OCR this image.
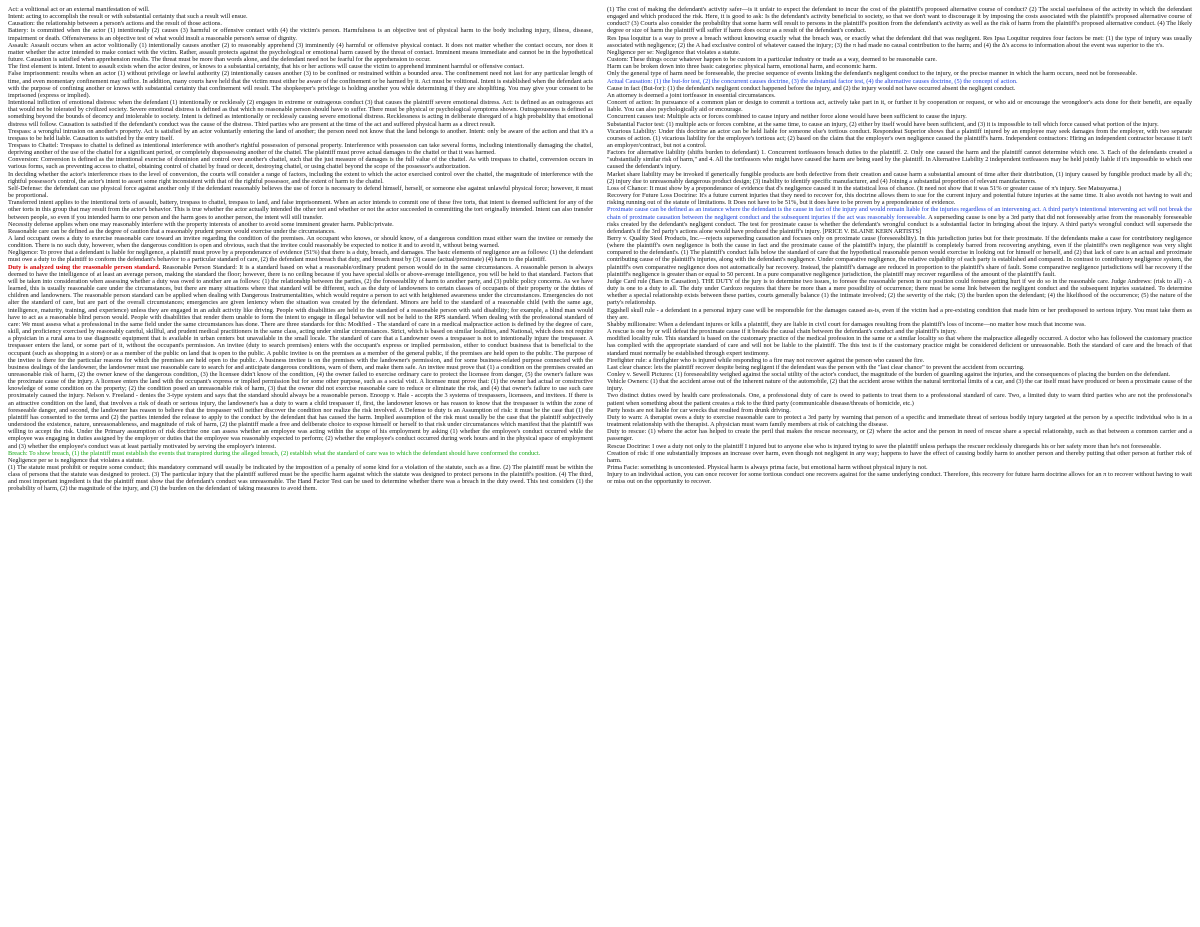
Act: a volitional act or an external manifestation of will.

Intent: acting to accomplish the result or with substantial certainty that such a result will ensue.

Causation: the relationship between a person's actions and the result of those actions.

Battery: is committed when the actor (1) intentionally (2) causes (3) harmful or offensive contact with (4) the victim's person. Harmfulness is an objective test of physical harm to the body including injury, illness, disease, impairment or death. Offensiveness is an objective test of what would insult a reasonable person's sense of dignity.

Assault: Assault occurs when an actor volitionally (1) intentionally causes another (2) to reasonably apprehend (3) imminently (4) harmful or offensive physical contact. It does not matter whether the contact occurs, nor does it matter whether the actor intended to make contact with the victim. Rather, assault protects against the psychological or emotional harm caused by the threat of contact. Imminent means immediate and cannot be in the hypothetical future. Causation is satisfied when apprehension results. The threat must be more than words alone, and the defendant need not be fearful for the apprehension to occur.

The first element is intent. Intent to assault exists when the actor desires, or knows to a substantial certainty, that his or her actions will cause the victim to apprehend imminent harmful or offensive contact.

False imprisonment: results when an actor (1) without privilege or lawful authority (2) intentionally causes another (3) to be confined or restrained within a bounded area. The confinement need not last for any particular length of time, and even momentary confinement may suffice. In addition, many courts have held that the victim must either be aware of the confinement or be harmed by it. Act must be volitional. Intent is established when the defendant acts with the purpose of confining another or knows with substantial certainty that confinement will result. The shopkeeper's privilege is holding another you while determining if they are shoplifting. You may give your consent to be imprisoned (express or implied).

Intentional infliction of emotional distress: when the defendant (1) intentionally or recklessly (2) engages in extreme or outrageous conduct (3) that causes the plaintiff severe emotional distress. Act: is defined as an outrageous act that would not be tolerated by civilized society. Severe emotional distress is defined as that which no reasonable person should have to suffer. There must be physical or psychological symptoms shown. Outrageousness is defined as something beyond the bounds of decency and intolerable to society. Intent is defined as intentionally or recklessly causing severe emotional distress. Recklessness is acting in deliberate disregard of a high probability that emotional distress will follow. Causation is satisfied if the defendant's conduct was the cause of the distress. Third parties who are present at the time of the act and suffered physical harm as a direct result.

Trespass: a wrongful intrusion on another's property. Act is satisfied by an actor voluntarily entering the land of another; the person need not know that the land belongs to another. Intent: only be aware of the action and that it's a trespass to be held liable. Causation is satisfied by the entry itself.

Trespass to Chattel: Trespass to chattel is defined as intentional interference with another's rightful possession of personal property. Interference with possession can take several forms, including intentionally damaging the chattel, depriving another of the use of the chattel for a significant period, or completely dispossessing another of the chattel. The plaintiff must prove actual damages to the chattel or that it was harmed.

Conversion: Conversion is defined as the intentional exercise of dominion and control over another's chattel, such that the just measure of damages is the full value of the chattel. As with trespass to chattel, conversion occurs in various forms, such as preventing access to chattel, obtaining control of chattel by fraud or deceit, destroying chattel, or using chattel beyond the scope of the possessor's authorization.

In deciding whether the actor's interference rises to the level of conversion, the courts will consider a range of factors, including the extent to which the actor exercised control over the chattel, the magnitude of interference with the rightful possessor's control, the actor's intent to assert some right inconsistent with that of the rightful possessor, and the extent of harm to the chattel.

Self-Defense: the defendant can use physical force against another only if the defendant reasonably believes the use of force is necessary to defend himself, herself, or someone else against unlawful physical force; however, it must be proportional.

Transferred intent applies to the intentional torts of assault, battery, trespass to chattel, trespass to land, and false imprisonment. When an actor intends to commit one of these five torts, that intent is deemed sufficient for any of the other torts in this group that may result from the actor's behavior. This is true whether the actor actually intended the other tort and whether or not the actor succeeded in committing the tort originally intended. Intent can also transfer between people, so even if you intended harm to one person and the harm goes to another person, the intent will still transfer.

Necessity defense applies when one may reasonably interfere with the property interests of another to avoid some imminent greater harm. Public/private.

Reasonable care can be defined as the degree of caution that a reasonably prudent person would exercise under the circumstances.

A land occupant owes a duty to exercise reasonable care toward an invitee regarding the condition of the premises. An occupant who knows, or should know, of a dangerous condition must either warn the invitee or remedy the condition. There is no such duty, however, when the dangerous condition is open and obvious, such that the invitee could reasonably be expected to notice it and to avoid it, without being warned.

Negligence: To prove that a defendant is liable for negligence, a plaintiff must prove by a preponderance of evidence (51%) that there is a duty, breach, and damages. The basic elements of negligence are as follows: (1) the defendant must owe a duty to the plaintiff to conform the defendant's behavior to a particular standard of care, (2) the defendant must breach that duty, and breach must by (3) cause (actual/proximate) (4) harm to the plaintiff.

Duty is analyzed using the reasonable person standard. Reasonable Person Standard: It is a standard based on what a reasonable/ordinary prudent person would do in the same circumstances. A reasonable person is always deemed to have the intelligence of at least an average person, making the standard the floor; however, there is no ceiling because if you have special skills or above-average intelligence, you will be held to that standard. Factors that will be taken into consideration when assessing whether a duty was owed to another are as follows: (1) the relationship between the parties, (2) the foreseeability of harm to another party, and (3) public policy concerns. As we have learned, this is usually reasonable care under the circumstances, but there are many situations where that standard will be different, such as the duty of landowners to certain classes of occupants of their property or the duties of children and landowners. The reasonable person standard can be applied when dealing with Dangerous Instrumentalities, which would require a person to act with heightened awareness under the circumstances. Emergencies do not alter the standard of care, but are part of the overall circumstances; emergencies are given leniency when the situation was created by the defendant. Minors are held to the standard of a reasonable child (with the same age, intelligence, maturity, training, and experience) unless they are engaged in an adult activity like driving. People with disabilities are held to the standard of a reasonable person with said disability; for example, a blind man would have to act as a reasonable blind person would. People with disabilities that render them unable to form the intent to engage in illegal behavior will not be held to the RPS standard. When dealing with the professional standard of care: We must assess what a professional in the same field under the same circumstances has done. There are three standards for this: Modified - The standard of care in a medical malpractice action is defined by the degree of care, skill, and proficiency exercised by reasonably careful, skillful, and prudent medical practitioners in the same class, acting under similar circumstances. Strict, which is based on similar localities, and National, which does not require a physician in a rural area to use diagnostic equipment that is available in urban centers but unavailable in the small locale. The standard of care that a Landowner owes a trespasser is not to intentionally injure the trespasser. A trespasser enters the land, or some part of it, without the occupant's permission. An invitee (duty to search premises) enters with the occupant's express or implied permission, either to conduct business that is beneficial to the occupant (such as shopping in a store) or as a member of the public on land that is open to the public. A public invitee is on the premises as a member of the general public, if the premises are held open to the public. The purpose of the invitee is there for the particular reasons for which the premises are held open to the public. A business invitee is on the premises with the landowner's permission, and for some business-related purpose connected with the business dealings of the landowner, the landowner must use reasonable care to search for and anticipate dangerous conditions, warn of them, and make them safe. An invitee must prove that (1) a condition on the premises created an unreasonable risk of harm, (2) the owner knew of the dangerous condition, (3) the licensee didn't know of the condition, (4) the owner failed to exercise ordinary care to protect the licensee from danger, (5) the owner's failure was the proximate cause of the injury. A licensee enters the land with the occupant's express or implied permission but for some other purpose, such as a social visit. A licensee must prove that: (1) the owner had actual or constructive knowledge of some condition on the property; (2) the condition posed an unreasonable risk of harm, (3) that the owner did not exercise reasonable care to reduce or eliminate the risk, and (4) that owner's failure to use such care proximately caused the injury. Nelson v. Freeland - denies the 3-type system and says that the standard should always be a reasonable person. Enoopp v. Hale - accepts the 3 systems of trespassers, licensees, and invitees. If there is an attractive condition on the land, that involves a risk of death or serious injury, the landowner's has a duty to warn a child trespasser if, first, the landowner knows or has reason to know that the trespasser is within the zone of foreseeable danger, and second, the landowner has reason to believe that the trespasser will neither discover the condition nor realize the risk involved. A Defense to duty is an Assumption of risk: it must be the case that (1) the plaintiff has consented to the terms and (2) the parties intended the release to apply to the conduct by the defendant that has caused the harm. Implied assumption of the risk must usually be the case that the plaintiff subjectively understood the existence, nature, unreasonableness, and magnitude of risk of harm, (2) the plaintiff made a free and deliberate choice to expose himself or herself to that risk under circumstances which manifest that the plaintiff was willing to accept the risk. Under the Primary assumption of risk doctrine one can assess whether an employee was acting within the scope of his employment by asking (1) whether the employee's conduct occurred while the employee was engaging in duties assigned by the employer or duties that the employee was reasonably expected to perform; (2) whether the employee's conduct occurred during work hours and in the physical space of employment and (3) whether the employee's conduct was at least partially motivated by serving the employer's interest.

Breach: To show breach, (1) the plaintiff must establish the events that transpired during the alleged breach, (2) establish what the standard of care was to which the defendant should have conformed the conduct.

Negligence per se is negligence that violates a statute.

(1) The statute must prohibit or require some conduct; this mandatory command will usually be indicated by the imposition of a penalty of some kind for a violation of the statute, such as a fine. (2) The plaintiff must be within the class of persons that the statute was designed to protect. (3) The particular injury that the plaintiff suffered must be the specific harm against which the statute was designed to protect persons in the plaintiff's position. (4) The third, and most important ingredient is that the plaintiff must show that the defendant's conduct was unreasonable. The Hand Factor Test can be used to determine whether there was a breach in the duty owed. This test considers (1) the probability of harm, (2) the magnitude of the injury, and (3) the burden on the defendant of taking measures to avoid them.

(1) The cost of making the defendant's activity safer—is it unfair to expect the defendant to incur the cost of the plaintiff's proposed alternative course of conduct? (2) The social usefulness of the activity in which the defendant engaged and which produced the risk. Here, it is good to ask: Is the defendant's activity beneficial to society, so that we don't want to discourage it by imposing the costs associated with the plaintiff's proposed alternative course of conduct? (3) Courts also consider the probability that some harm will result to persons in the plaintiff's position from the defendant's activity as well as the risk of harm from the plaintiff's proposed alternative conduct. (4) The likely degree or size of harm the plaintiff will suffer if harm does occur as a result of the defendant's conduct.

Res Ipsa loquitur is a way to prove a breach without knowing exactly what the breach was, or exactly what the defendant did that was negligent. Res Ipsa Loquitur requires four factors be met: (1) the type of injury was usually associated with negligence; (2) the A had exclusive control of whatever caused the injury; (3) the π had made no causal contribution to the harm; and (4) the ∆'s access to information about the event was superior to the π's.

Negligence per se: Negligence that violates a statute.

Custom: These things occur whatever happen to be custom in a particular industry or trade as a way, deemed to be reasonable care.

Harm can be broken down into three basic categories: physical harm, emotional harm, and economic harm.

Only the general type of harm need be foreseeable, the precise sequence of events linking the defendant's negligent conduct to the injury, or the precise manner in which the harm occurs, need not be foreseeable.

Actual Causation: (1) the but-for test, (2) the concurrent causes doctrine, (3) the substantial factor test, (4) the alternative causes doctrine, (5) the concept of action.

Cause in fact (But-for): (1) the defendant's negligent conduct happened before the injury, and (2) the injury would not have occurred absent the negligent conduct.

An attorney is deemed a joint tortfeasor in essential circumstances.

Concert of action: In pursuance of a common plan or design to commit a tortious act, actively take part in it, or further it by cooperation or request, or who aid or encourage the wrongdoer's acts done for their benefit, are equally liable. You can also psychologically aid or encourage.

Concurrent causes test: Multiple acts or forces combined to cause injury and neither force alone would have been sufficient to cause the injury.

Substantial Factor test: (1) multiple acts or forces combine, at the same time, to cause an injury, (2) either by itself would have been sufficient, and (3) it is impossible to tell which force caused what portion of the injury.

Vicarious Liability: Under this doctrine an actor can be held liable for someone else's tortious conduct. Respondeat Superior shows that a plaintiff injured by an employee may seek damages from the employer, with two separate courses of action. (1) vicarious liability for the employee's tortious act; (2) based on the claim that the employer's own negligence caused the plaintiff's harm. Independent contractors: Hiring an independent contractor because it isn't an employer/contract, but not a control.

Factors for alternative liability (shifts burden to defendant) 1. Concurrent tortfeasors breach duties to the plaintiff. 2. Only one caused the harm and the plaintiff cannot determine which one. 3. Each of the defendants created a "substantially similar risk of harm," and 4. All the tortfeasors who might have caused the harm are being sued by the plaintiff. In Alternative Liability 2 independent tortfeasors may be held jointly liable if it's impossible to which one caused the defendant's injury.

Market share liability may be invoked if generically fungible products are both defective from their creation and cause harm a substantial amount of time after their distribution, (1) injury caused by fungible product made by all d's; (2) injury due to unreasonably dangerous product design; (3) inability to identify specific manufacturer, and (4) Joining a substantial proportion of relevant manufacturers.

Loss of Chance: It must show by a preponderance of evidence that d's negligence caused it in the statistical loss of chance. (It need not show that it was 51% or greater cause of π's injury. See Matsuyama.)

Recovery for Future Loss Doctrine: It's a future current injuries that they need to recover for, this doctrine allows them to sue for the current injury and potential future injuries at the same time. It also avoids not having to wait and risking running out of the statute of limitations. It Does not have to be 51%, but it does have to be proven by a preponderance of evidence.

Proximate cause can be defined as an instance where the defendant is the cause in fact of the injury and would remain liable for the injuries regardless of an intervening act. A third party's intentional intervening act will not break the chain of proximate causation between the negligent conduct and the subsequent injuries if the act was reasonably foreseeable. A superseding cause is one by a 3rd party that did not foreseeably arise from the reasonably foreseeable risks created by the defendant's negligent conduct. The test for proximate cause is whether the defendant's wrongful conduct is a substantial factor in bringing about the injury. A third party's wrongful conduct will supersede the defendant's if the 3rd party's actions alone would have produced the plaintiff's injury. [PRICE V. BLAINE KERN ARTISTS]

Berry v. Quality Steel Products, Inc.—rejects superseding causation and focuses only on proximate cause (foreseeability). In this jurisdiction juries but for their proximate. If the defendants make a case for contributory negligence (where the plaintiff's own negligence is both the cause in fact and the proximate cause of the plaintiff's injury, the plaintiff is completely barred from recovering anything, even if the plaintiff's own negligence was very slight compared to the defendant's. (1) The plaintiff's conduct falls below the standard of care that the hypothetical reasonable person would exercise in looking out for himself or herself, and (2) that lack of care is an actual and proximate contributing cause of the plaintiff's injuries, along with the defendant's negligence. Under comparative negligence, the relative culpability of each party is established and compared. In contrast to contributory negligence system, the plaintiff's own comparative negligence does not automatically bar recovery. Instead, the plaintiff's damage are reduced in proportion to the plaintiff's share of fault. Some comparative negligence jurisdictions will bar recovery if the plaintiff's negligence is greater than or equal to 50 percent. In a pure comparative negligence jurisdiction, the plaintiff may recover regardless of the amount of the plaintiff's fault.

Judge Card rule (Bars in Causation). THE DUTY of the jury is to determine two issues, to foresee the reasonable person in our position could foresee getting hurt if we do so in the reasonable care. Judge Andrews: (risk to all) - A duty is one to a duty to all. The duty under Cardozo requires that there be more than a mere possibility of occurrence; there must be some link between the negligent conduct and the subsequent injuries sustained. To determine whether a special relationship exists between these parties, courts generally balance (1) the intimate involved; (2) the severity of the risk; (3) the burden upon the defendant; (4) the likelihood of the occurrence; (5) the nature of the party's relationship.

Eggshell skull rule - a defendant in a personal injury case will be responsible for the damages caused as-is, even if the victim had a pre-existing condition that made him or her predisposed to serious injury. You must take them as they are.

Shabby millionaire: When a defendant injures or kills a plaintiff, they are liable in civil court for damages resulting from the plaintiff's loss of income—no matter how much that income was.

A rescue is one by or will defeat the proximate cause if it breaks the causal chain between the defendant's conduct and the plaintiff's injury.

modified locality rule. This standard is based on the customary practice of the medical profession in the same or a similar locality so that where the malpractice allegedly occurred. A doctor who has followed the customary practice has complied with the appropriate standard of care and will not be liable to the plaintiff. The this test is if the customary practice might be considered deficient or unreasonable. Both the standard of care and the breach of that standard must normally be established through expert testimony.

Firefighter rule: a firefighter who is injured while responding to a fire may not recover against the person who caused the fire.

Last clear chance: lets the plaintiff recover despite being negligent if the defendant was the person with the "last clear chance" to prevent the accident from occurring.

Conley v. Sewell Pictures: (1) foreseeability weighed against the social utility of the actor's conduct, the magnitude of the burden of guarding against the injuries, and the consequences of placing the burden on the defendant.

Vehicle Owners: (1) that the accident arose out of the inherent nature of the automobile, (2) that the accident arose within the natural territorial limits of a car, and (3) the car itself must have produced or been a proximate cause of the injury.

Two distinct duties owed by health care professionals. One, a professional duty of care is owed to patients to treat them to a professional standard of care. Two, a limited duty to warn third parties who are not the professional's patient when something about the patient creates a risk to the third party (communicable disease/threats of homicide, etc.)

Party hosts are not liable for car wrecks that resulted from drunk driving.

Duty to warn: A therapist owes a duty to exercise reasonable care to protect a 3rd party by warning that person of a specific and immediate threat of serious bodily injury targeted at the person by a specific individual who is in a treatment relationship with the therapist. A physician must warn family members at risk of catching the disease.

Duty to rescue: (1) where the actor has helped to create the peril that makes the rescue necessary, or (2) where the actor and the person in need of rescue share a special relationship, such as that between a common carrier and a passenger.

Rescue Doctrine: I owe a duty not only to the plaintiff I injured but to anyone else who is injured trying to save the plaintiff unless perhaps the rescuer recklessly disregards his or her safety more than he's not foreseeable.

Creation of risk: if one substantially imposes an increase over harm, even though not negligent in any way; happens to have the effect of causing bodily harm to another person and thereby putting that other person at further risk of harm.

Prima Facie: something is uncontested. Physical harm is always prima facie, but emotional harm without physical injury is not.

Injury to an individual action, you can once recover for some tortious conduct one recovers against for the same underlying conduct. Therefore, this recovery for future harm doctrine allows for an π to recover without having to wait or miss out on the opportunity to recover.
